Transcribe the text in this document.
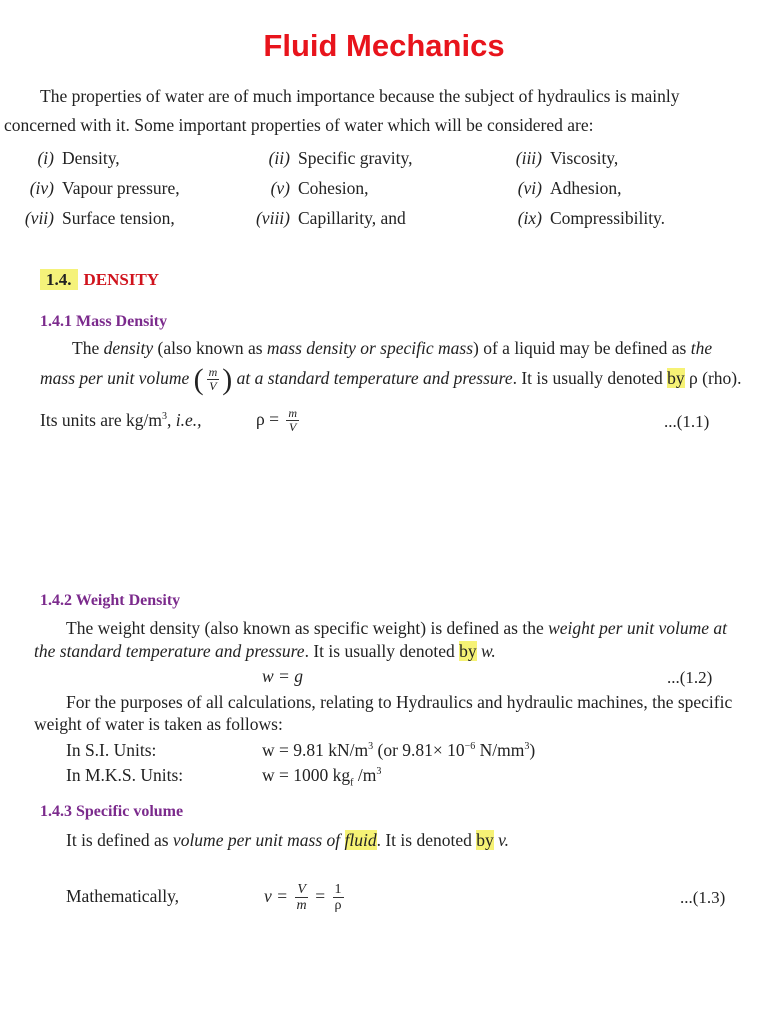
Fluid Mechanics
The properties of water are of much importance because the subject of hydraulics is mainly
concerned with it. Some important properties of water which will be considered are:
(i) Density,	(ii) Specific gravity,	(iii) Viscosity,
(iv) Vapour pressure,	(v) Cohesion,	(vi) Adhesion,
(vii) Surface tension,	(viii) Capillarity, and	(ix) Compressibility.
1.4. DENSITY
1.4.1 Mass Density
The density (also known as mass density or specific mass) of a liquid may be defined as the
mass per unit volume ( $\frac{m}{V}$ ) at a standard temperature and pressure. It is usually denoted by ρ (rho).
Its units are $kg/m^3$, i.e.,	$\rho = \frac{m}{V}$	...(1.1)
1.4.2 Weight Density
The weight density (also known as specific weight) is defined as the weight per unit volume at
the standard temperature and pressure. It is usually denoted by w.
w = g	...(1.2)
For the purposes of all calculations, relating to Hydraulics and hydraulic machines, the specific
weight of water is taken as follows:
In S.I. Units:	w = 9.81 $kN/m^3$ (or $9.81\times 10^{-6}$ $N/mm^3$)
In M.K.S. Units:	w = 1000 $kg_f$ $/m^3$
1.4.3 Specific volume
It is defined as volume per unit mass of fluid. It is denoted by v.
Mathematically,	$v = \frac{V}{m} = \frac{1}{\rho}$	...(1.3)
